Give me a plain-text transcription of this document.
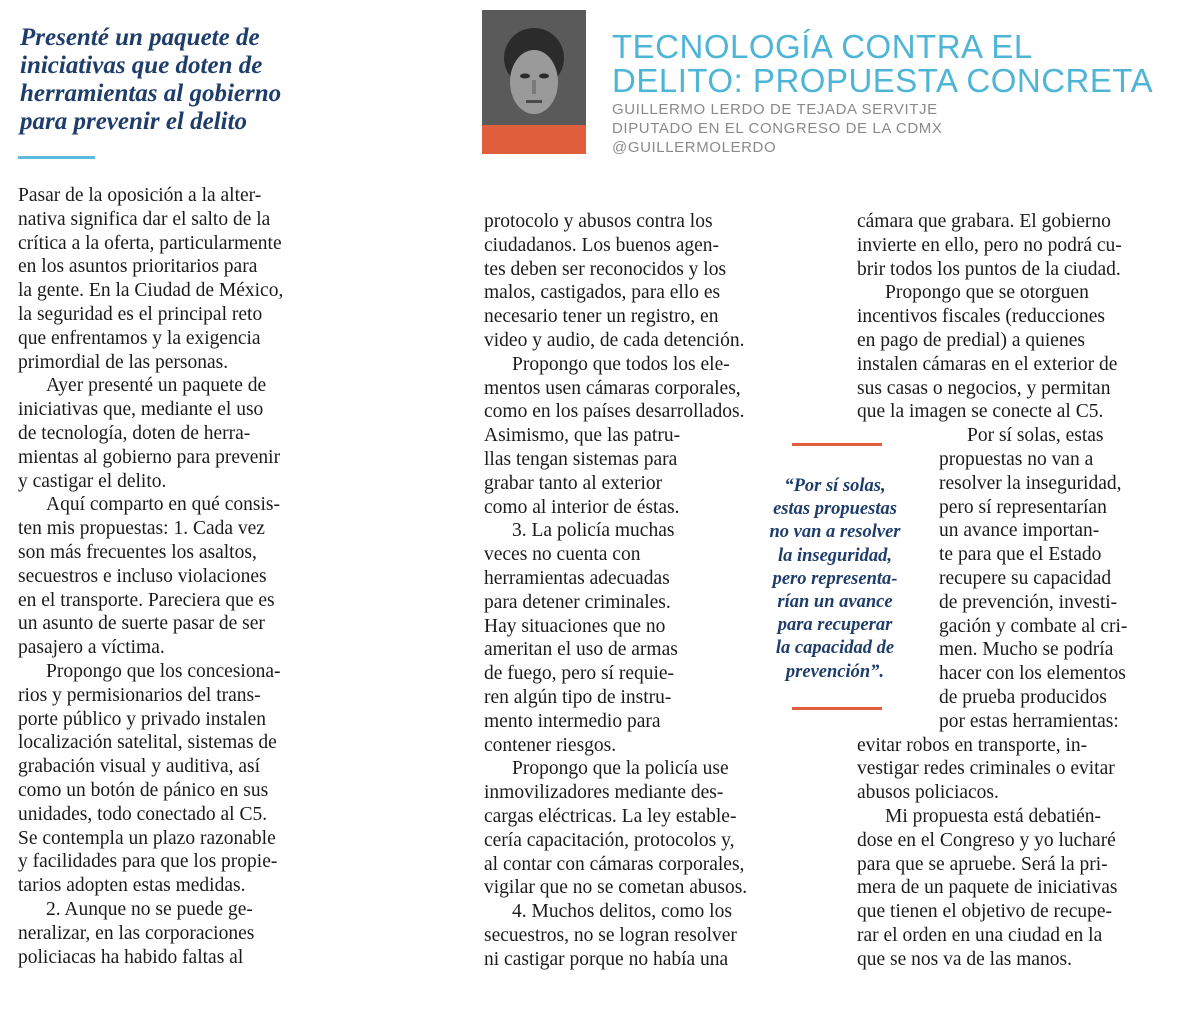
Presenté un paquete de
iniciativas que doten de
herramientas al gobierno
para prevenir el delito
TECNOLOGÍA CONTRA EL
DELITO: PROPUESTA CONCRETA
GUILLERMO LERDO DE TEJADA SERVITJE
DIPUTADO EN EL CONGRESO DE LA CDMX
@GUILLERMOLERDO
Pasar de la oposición a la alter-
nativa significa dar el salto de la
crítica a la oferta, particularmente
en los asuntos prioritarios para
la gente. En la Ciudad de México,
la seguridad es el principal reto
que enfrentamos y la exigencia
primordial de las personas.
Ayer presenté un paquete de
iniciativas que, mediante el uso
de tecnología, doten de herra-
mientas al gobierno para prevenir
y castigar el delito.
Aquí comparto en qué consis-
ten mis propuestas: 1. Cada vez
son más frecuentes los asaltos,
secuestros e incluso violaciones
en el transporte. Pareciera que es
un asunto de suerte pasar de ser
pasajero a víctima.
Propongo que los concesiona-
rios y permisionarios del trans-
porte público y privado instalen
localización satelital, sistemas de
grabación visual y auditiva, así
como un botón de pánico en sus
unidades, todo conectado al C5.
Se contempla un plazo razonable
y facilidades para que los propie-
tarios adopten estas medidas.
2. Aunque no se puede ge-
neralizar, en las corporaciones
policiacas ha habido faltas al
protocolo y abusos contra los
ciudadanos. Los buenos agen-
tes deben ser reconocidos y los
malos, castigados, para ello es
necesario tener un registro, en
video y audio, de cada detención.
Propongo que todos los ele-
mentos usen cámaras corporales,
como en los países desarrollados.
Asimismo, que las patru-
llas tengan sistemas para
grabar tanto al exterior
como al interior de éstas.
3. La policía muchas
veces no cuenta con
herramientas adecuadas
para detener criminales.
Hay situaciones que no
ameritan el uso de armas
de fuego, pero sí requie-
ren algún tipo de instru-
mento intermedio para
contener riesgos.
Propongo que la policía use
inmovilizadores mediante des-
cargas eléctricas. La ley estable-
cería capacitación, protocolos y,
al contar con cámaras corporales,
vigilar que no se cometan abusos.
4. Muchos delitos, como los
secuestros, no se logran resolver
ni castigar porque no había una
cámara que grabara. El gobierno
invierte en ello, pero no podrá cu-
brir todos los puntos de la ciudad.
Propongo que se otorguen
incentivos fiscales (reducciones
en pago de predial) a quienes
instalen cámaras en el exterior de
sus casas o negocios, y permitan
que la imagen se conecte al C5.
Por sí solas, estas
propuestas no van a
resolver la inseguridad,
pero sí representarían
un avance importan-
te para que el Estado
recupere su capacidad
de prevención, investi-
gación y combate al cri-
men. Mucho se podría
hacer con los elementos
de prueba producidos
por estas herramientas:
evitar robos en transporte, in-
vestigar redes criminales o evitar
abusos policiacos.
Mi propuesta está debatién-
dose en el Congreso y yo lucharé
para que se apruebe. Será la pri-
mera de un paquete de iniciativas
que tienen el objetivo de recupe-
rar el orden en una ciudad en la
que se nos va de las manos.
“Por sí solas,
estas propuestas
no van a resolver
la inseguridad,
pero representa-
rían un avance
para recuperar
la capacidad de
prevención”.
